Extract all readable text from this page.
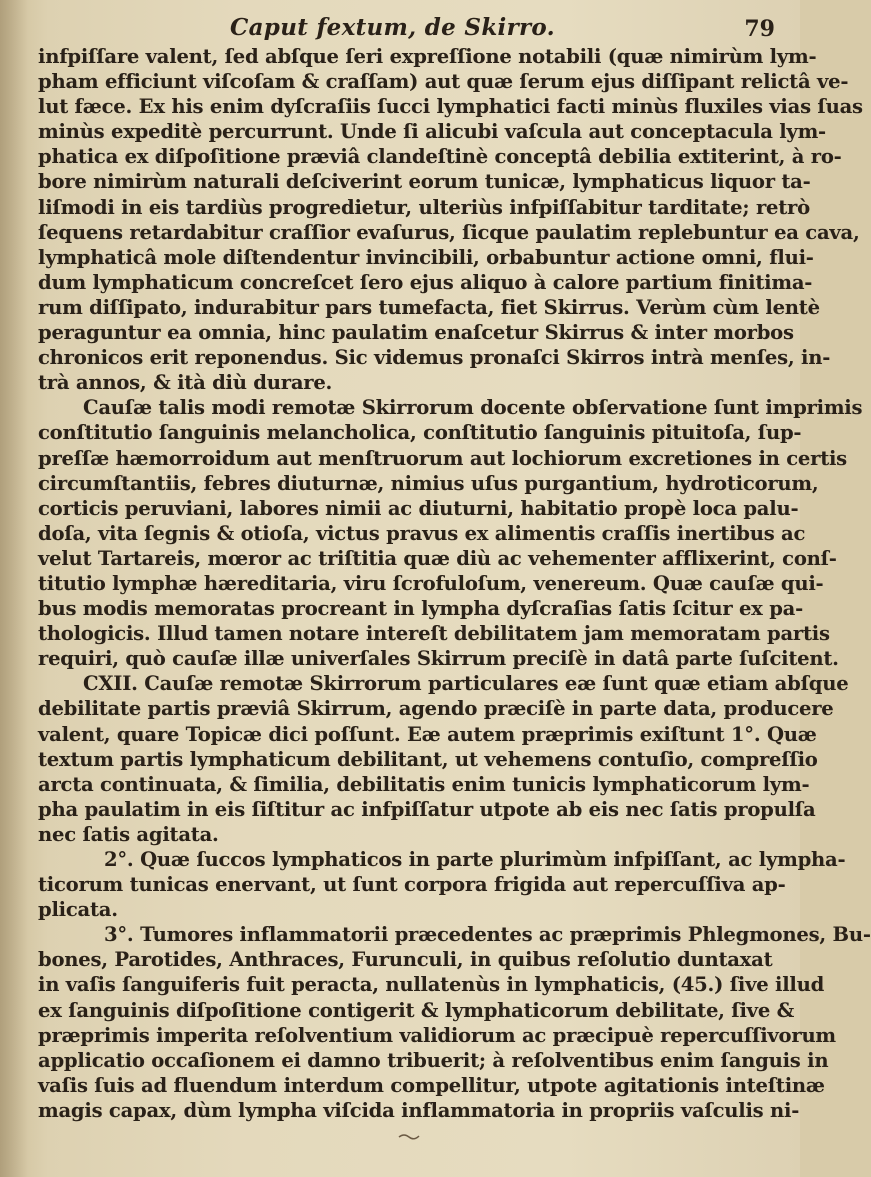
Caput fextum, de Skirro.	79
infpiſſare valent, ſed abſque ſeri expreſſione notabili (quæ nimirùm lym-
pham efficiunt viſcoſam & craſſam) aut quæ ſerum ejus diſſipant relictâ ve-
lut fæce. Ex his enim dyſcraſiis ſucci lymphatici facti minùs fluxiles vias ſuas
minùs expeditè percurrunt. Unde ſi alicubi vaſcula aut conceptacula lym-
phatica ex diſpoſitione præviâ clandeſtinè conceptâ debilia extiterint, à ro-
bore nimirùm naturali deſciverint eorum tunicæ, lymphaticus liquor ta-
liſmodi in eis tardiùs progredietur, ulteriùs infpiſſabitur tarditate; retrò
ſequens retardabitur craſſior evaſurus, ſicque paulatim replebuntur ea cava,
lymphaticâ mole diſtendentur invincibili, orbabuntur actione omni, flui-
dum lymphaticum concreſcet ſero ejus aliquo à calore partium finitima-
rum diſſipato, indurabitur pars tumefacta, fiet Skirrus. Verùm cùm lentè
peraguntur ea omnia, hinc paulatim enaſcetur Skirrus & inter morbos
chronicos erit reponendus. Sic videmus pronaſci Skirros intrà menſes, in-
trà annos, & ità diù durare.
Cauſæ talis modi remotæ Skirrorum docente obſervatione ſunt imprimis
conſtitutio ſanguinis melancholica, conſtitutio ſanguinis pituitoſa, ſup-
preſſæ hæmorroidum aut menſtruorum aut lochiorum excretiones in certis
circumſtantiis, febres diuturnæ, nimius uſus purgantium, hydroticorum,
corticis peruviani, labores nimii ac diuturni, habitatio propè loca palu-
doſa, vita ſegnis & otioſa, victus pravus ex alimentis craſſis inertibus ac
velut Tartareis, mœror ac triſtitia quæ diù ac vehementer afflixerint, conſ-
titutio lymphæ hæreditaria, viru ſcrofuloſum, venereum. Quæ cauſæ qui-
bus modis memoratas procreant in lympha dyſcraſias ſatis ſcitur ex pa-
thologicis. Illud tamen notare intereſt debilitatem jam memoratam partis
requiri, quò cauſæ illæ univerſales Skirrum preciſè in datâ parte ſuſcitent.
CXII. Cauſæ remotæ Skirrorum particulares eæ ſunt quæ etiam abſque
debilitate partis præviâ Skirrum, agendo præciſè in parte data, producere
valent, quare Topicæ dici poſſunt. Eæ autem præprimis exiſtunt 1°. Quæ
textum partis lymphaticum debilitant, ut vehemens contuſio, compreſſio
arcta continuata, & ſimilia, debilitatis enim tunicis lymphaticorum lym-
pha paulatim in eis ſiſtitur ac infpiſſatur utpote ab eis nec ſatis propulſa
nec ſatis agitata.
2°. Quæ ſuccos lymphaticos in parte plurimùm infpiſſant, ac lympha-
ticorum tunicas enervant, ut ſunt corpora frigida aut repercuſſiva ap-
plicata.
3°. Tumores inflammatorii præcedentes ac præprimis Phlegmones, Bu-
bones, Parotides, Anthraces, Furunculi, in quibus reſolutio duntaxat
in vaſis ſanguiferis fuit peracta, nullatenùs in lymphaticis, (45.) ſive illud
ex ſanguinis diſpoſitione contigerit & lymphaticorum debilitate, ſive &
præprimis imperita reſolventium validiorum ac præcipuè repercuſſivorum
applicatio occaſionem ei damno tribuerit; à reſolventibus enim ſanguis in
vaſis ſuis ad fluendum interdum compellitur, utpote agitationis inteſtinæ
magis capax, dùm lympha viſcida inflammatoria in propriis vaſculis ni-
